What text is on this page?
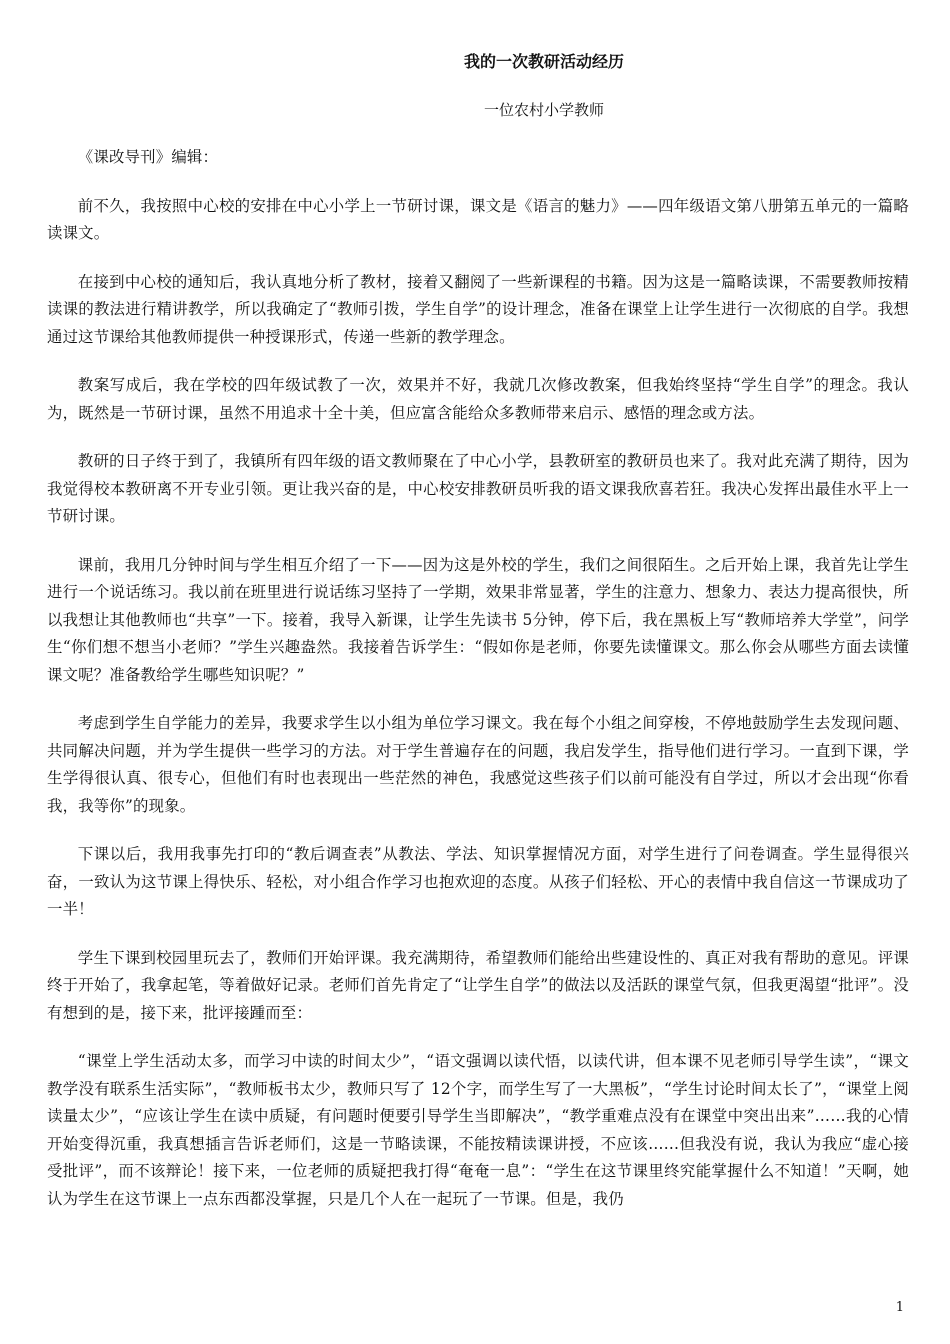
我的一次教研活动经历
一位农村小学教师

《课改导刊》编辑：

前不久，我按照中心校的安排在中心小学上一节研讨课，课文是《语言的魅力》——四年级语文第八册第五单元的一篇略读课文。

在接到中心校的通知后，我认真地分析了教材，接着又翻阅了一些新课程的书籍。因为这是一篇略读课，不需要教师按精读课的教法进行精讲教学，所以我确定了“教师引拨，学生自学”的设计理念，准备在课堂上让学生进行一次彻底的自学。我想通过这节课给其他教师提供一种授课形式，传递一些新的教学理念。

教案写成后，我在学校的四年级试教了一次，效果并不好，我就几次修改教案，但我始终坚持“学生自学”的理念。我认为，既然是一节研讨课，虽然不用追求十全十美，但应富含能给众多教师带来启示、感悟的理念或方法。

教研的日子终于到了，我镇所有四年级的语文教师聚在了中心小学，县教研室的教研员也来了。我对此充满了期待，因为我觉得校本教研离不开专业引领。更让我兴奋的是，中心校安排教研员听我的语文课我欣喜若狂。我决心发挥出最佳水平上一节研讨课。

课前，我用几分钟时间与学生相互介绍了一下——因为这是外校的学生，我们之间很陌生。之后开始上课，我首先让学生进行一个说话练习。我以前在班里进行说话练习坚持了一学期，效果非常显著，学生的注意力、想象力、表达力提高很快，所以我想让其他教师也“共享”一下。接着，我导入新课，让学生先读书 5分钟，停下后，我在黑板上写“教师培养大学堂”，问学生“你们想不想当小老师？”学生兴趣盎然。我接着告诉学生：“假如你是老师，你要先读懂课文。那么你会从哪些方面去读懂课文呢？准备教给学生哪些知识呢？”

考虑到学生自学能力的差异，我要求学生以小组为单位学习课文。我在每个小组之间穿梭，不停地鼓励学生去发现问题、共同解决问题，并为学生提供一些学习的方法。对于学生普遍存在的问题，我启发学生，指导他们进行学习。一直到下课，学生学得很认真、很专心，但他们有时也表现出一些茫然的神色，我感觉这些孩子们以前可能没有自学过，所以才会出现“你看我，我等你”的现象。

下课以后，我用我事先打印的“教后调查表”从教法、学法、知识掌握情况方面，对学生进行了问卷调查。学生显得很兴奋，一致认为这节课上得快乐、轻松，对小组合作学习也抱欢迎的态度。从孩子们轻松、开心的表情中我自信这一节课成功了一半！

学生下课到校园里玩去了，教师们开始评课。我充满期待，希望教师们能给出些建设性的、真正对我有帮助的意见。评课终于开始了，我拿起笔，等着做好记录。老师们首先肯定了“让学生自学”的做法以及活跃的课堂气氛，但我更渴望“批评”。没有想到的是，接下来，批评接踵而至：

“课堂上学生活动太多，而学习中读的时间太少”，“语文强调以读代悟，以读代讲，但本课不见老师引导学生读”，“课文教学没有联系生活实际”，“教师板书太少，教师只写了 12个字，而学生写了一大黑板”，“学生讨论时间太长了”，“课堂上阅读量太少”，“应该让学生在读中质疑，有问题时便要引导学生当即解决”，“教学重难点没有在课堂中突出出来”……我的心情开始变得沉重，我真想插言告诉老师们，这是一节略读课，不能按精读课讲授，不应该……但我没有说，我认为我应“虚心接受批评”，而不该辩论！接下来，一位老师的质疑把我打得“奄奄一息”：“学生在这节课里终究能掌握什么不知道！”天啊，她认为学生在这节课上一点东西都没掌握，只是几个人在一起玩了一节课。但是，我仍

1
